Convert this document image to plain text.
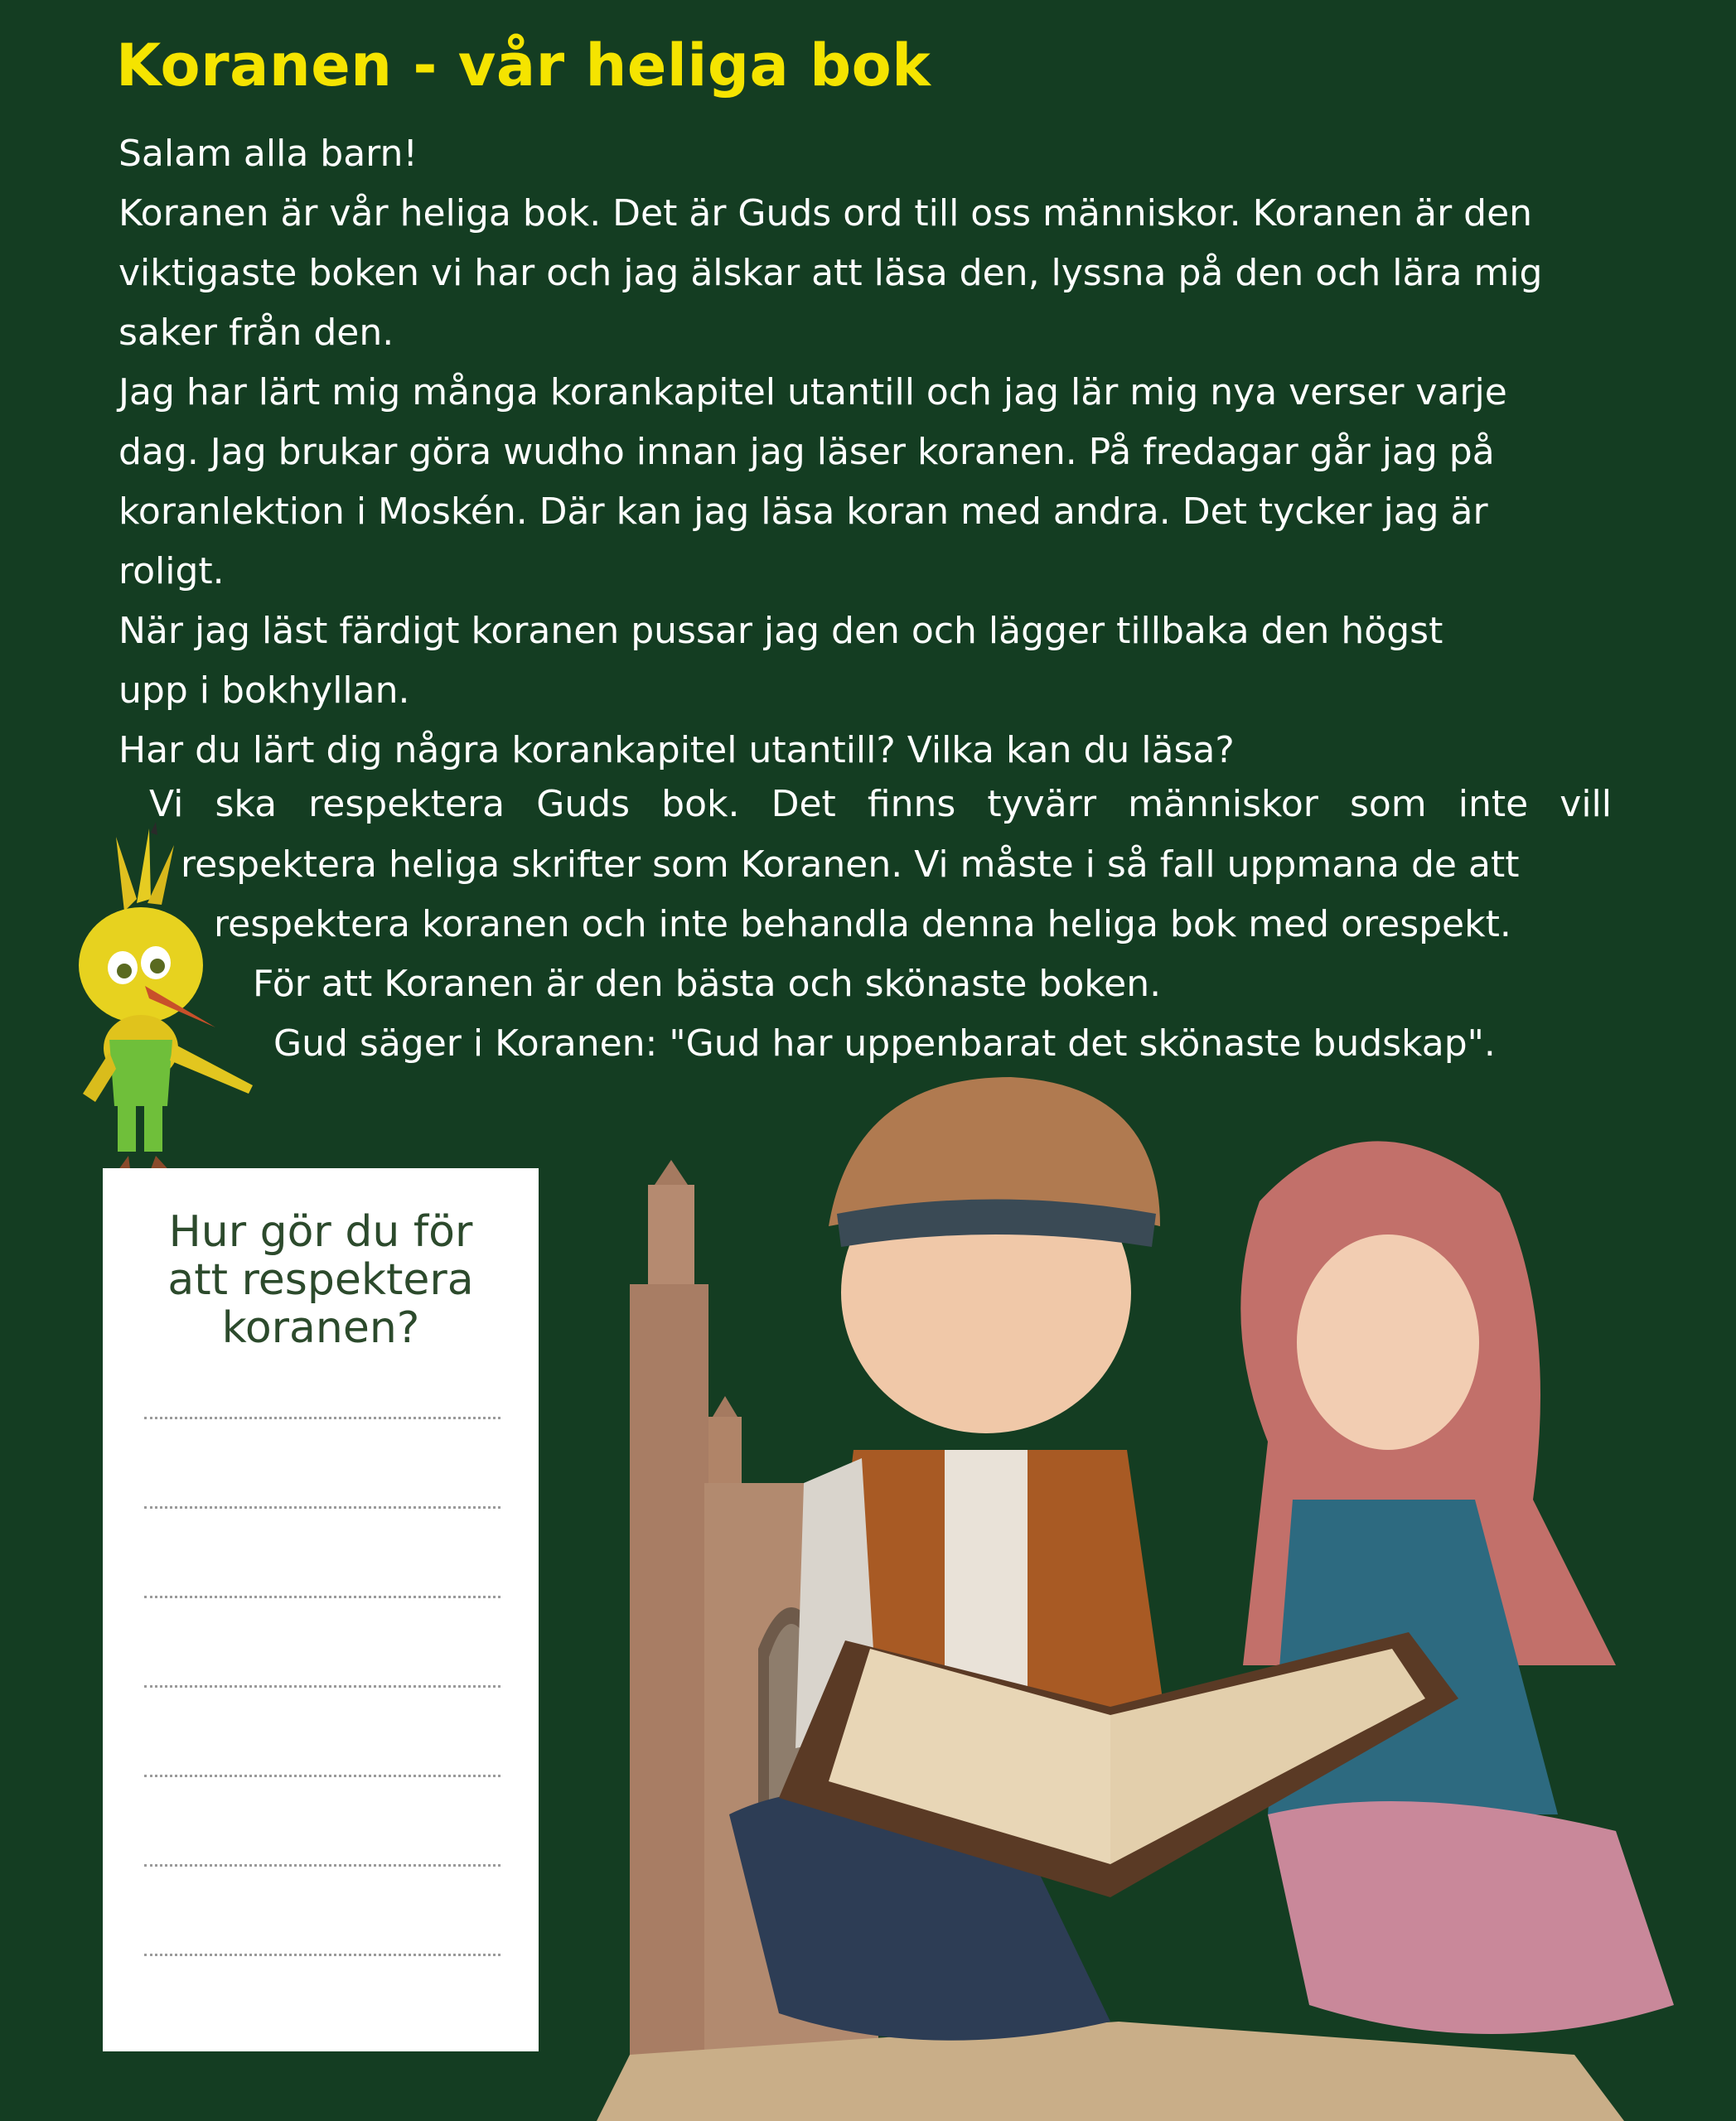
Koranen - vår heliga bok
Salam alla barn!
Koranen är vår heliga bok. Det är Guds ord till oss människor. Koranen är den
viktigaste boken vi har och jag älskar att läsa den, lyssna på den och lära mig
saker från den.
Jag har lärt mig många korankapitel utantill och jag lär mig nya verser varje
dag. Jag brukar göra wudho innan jag läser koranen. På fredagar går jag på
koranlektion i Moskén. Där kan jag läsa koran med andra. Det tycker jag är
roligt.
När jag läst färdigt koranen pussar jag den och lägger tillbaka den högst
upp i bokhyllan.
Har du lärt dig några korankapitel utantill? Vilka kan du läsa?
Vi ska respektera Guds bok. Det finns tyvärr människor som inte vill
respektera heliga skrifter som Koranen. Vi måste i så fall uppmana de att
respektera koranen och inte behandla denna heliga bok med orespekt.
För att Koranen är den bästa och skönaste boken.
Gud säger i Koranen: "Gud har uppenbarat det skönaste budskap".
Hur gör du för
att respektera
koranen?
